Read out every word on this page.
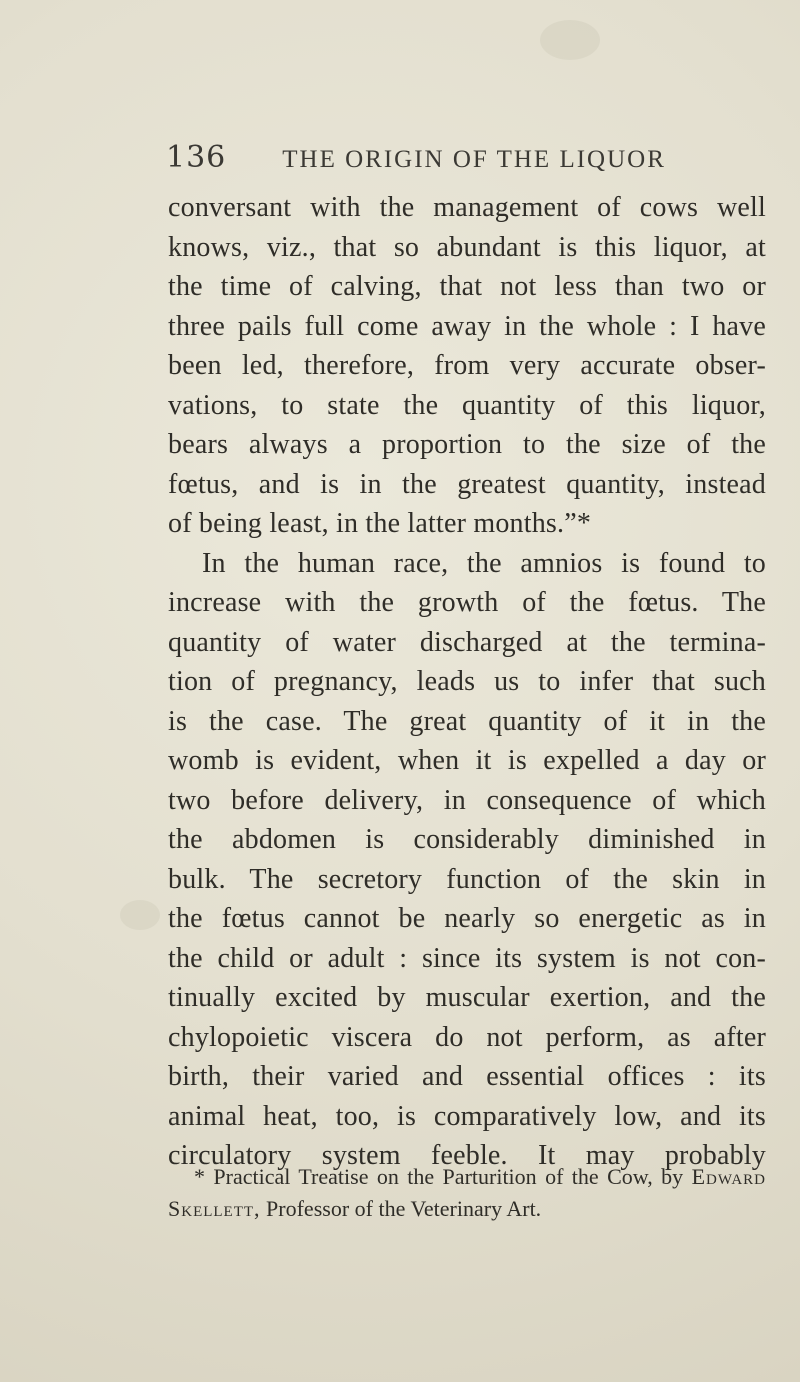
136 THE ORIGIN OF THE LIQUOR
conversant with the management of cows well
knows, viz., that so abundant is this liquor, at
the time of calving, that not less than two or
three pails full come away in the whole : I have
been led, therefore, from very accurate obser-
vations, to state the quantity of this liquor,
bears always a proportion to the size of the
fœtus, and is in the greatest quantity, instead
of being least, in the latter months.”*
In the human race, the amnios is found to
increase with the growth of the fœtus. The
quantity of water discharged at the termina-
tion of pregnancy, leads us to infer that such
is the case. The great quantity of it in the
womb is evident, when it is expelled a day or
two before delivery, in consequence of which
the abdomen is considerably diminished in
bulk. The secretory function of the skin in
the fœtus cannot be nearly so energetic as in
the child or adult : since its system is not con-
tinually excited by muscular exertion, and the
chylopoietic viscera do not perform, as after
birth, their varied and essential offices : its
animal heat, too, is comparatively low, and its
circulatory system feeble. It may probably
* Practical Treatise on the Parturition of the Cow, by Edward
Skellett, Professor of the Veterinary Art.
